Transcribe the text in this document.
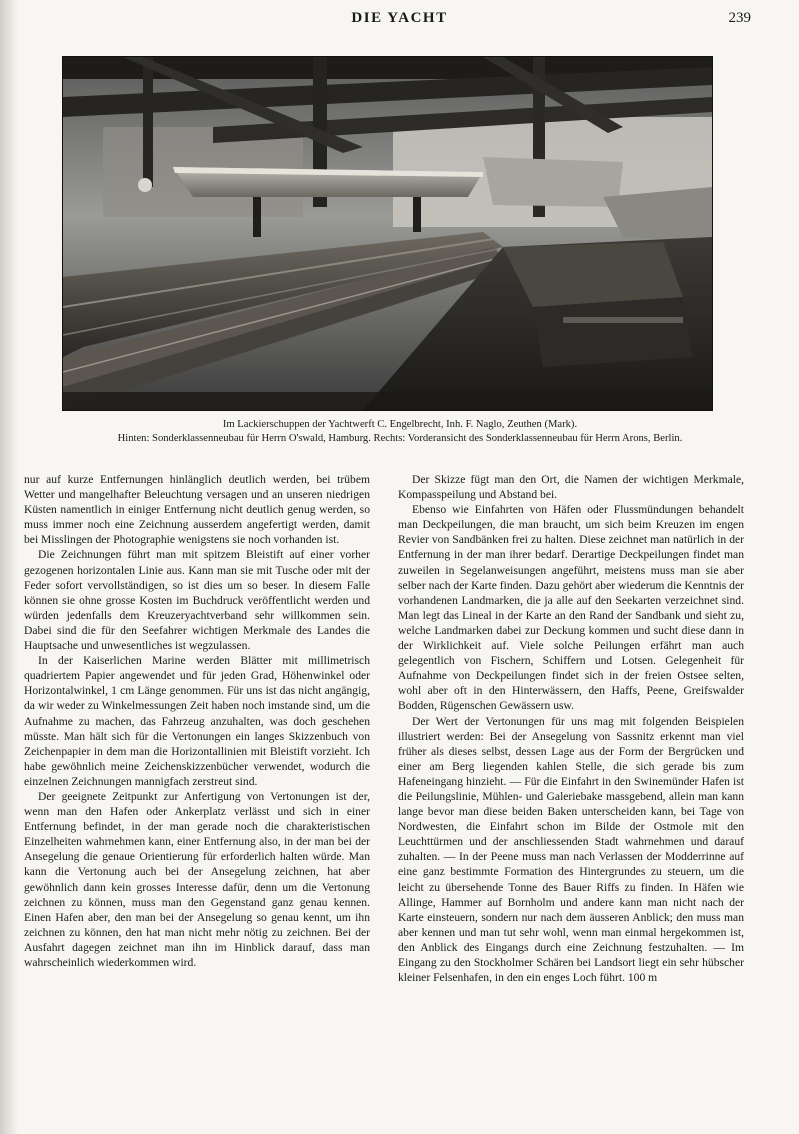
DIE YACHT	239
Im Lackierschuppen der Yachtwerft C. Engelbrecht, Inh. F. Naglo, Zeuthen (Mark).
Hinten: Sonderklassenneubau für Herrn O'swald, Hamburg. Rechts: Vorderansicht des Sonderklassenneubau für Herrn Arons, Berlin.

nur auf kurze Entfernungen hinlänglich deutlich werden, bei trübem Wetter und mangelhafter Beleuchtung versagen und an unseren niedrigen Küsten namentlich in einiger Entfernung nicht deutlich genug werden, so muss immer noch eine Zeichnung ausserdem angefertigt werden, damit bei Misslingen der Photographie wenigstens sie noch vorhanden ist.

Die Zeichnungen führt man mit spitzem Bleistift auf einer vorher gezogenen horizontalen Linie aus. Kann man sie mit Tusche oder mit der Feder sofort vervollständigen, so ist dies um so beser. In diesem Falle können sie ohne grosse Kosten im Buchdruck veröffentlicht werden und würden jedenfalls dem Kreuzeryachtverband sehr willkommen sein. Dabei sind die für den Seefahrer wichtigen Merkmale des Landes die Hauptsache und unwesentliches ist wegzulassen.

In der Kaiserlichen Marine werden Blätter mit millimetrisch quadriertem Papier angewendet und für jeden Grad, Höhenwinkel oder Horizontalwinkel, 1 cm Länge genommen. Für uns ist das nicht angängig, da wir weder zu Winkelmessungen Zeit haben noch imstande sind, um die Aufnahme zu machen, das Fahrzeug anzuhalten, was doch geschehen müsste. Man hält sich für die Vertonungen ein langes Skizzenbuch von Zeichenpapier in dem man die Horizontallinien mit Bleistift vorzieht. Ich habe gewöhnlich meine Zeichenskizzenbücher verwendet, wodurch die einzelnen Zeichnungen mannigfach zerstreut sind.

Der geeignete Zeitpunkt zur Anfertigung von Vertonungen ist der, wenn man den Hafen oder Ankerplatz verlässt und sich in einer Entfernung befindet, in der man gerade noch die charakteristischen Einzelheiten wahrnehmen kann, einer Entfernung also, in der man bei der Ansegelung die genaue Orientierung für erforderlich halten würde. Man kann die Vertonung auch bei der Ansegelung zeichnen, hat aber gewöhnlich dann kein grosses Interesse dafür, denn um die Vertonung zeichnen zu können, muss man den Gegenstand ganz genau kennen. Einen Hafen aber, den man bei der Ansegelung so genau kennt, um ihn zeichnen zu können, den hat man nicht mehr nötig zu zeichnen. Bei der Ausfahrt dagegen zeichnet man ihn im Hinblick darauf, dass man wahrscheinlich wiederkommen wird.

Der Skizze fügt man den Ort, die Namen der wichtigen Merkmale, Kompasspeilung und Abstand bei.

Ebenso wie Einfahrten von Häfen oder Flussmündungen behandelt man Deckpeilungen, die man braucht, um sich beim Kreuzen im engen Revier von Sandbänken frei zu halten. Diese zeichnet man natürlich in der Entfernung in der man ihrer bedarf. Derartige Deckpeilungen findet man zuweilen in Segelanweisungen angeführt, meistens muss man sie aber selber nach der Karte finden. Dazu gehört aber wiederum die Kenntnis der vorhandenen Landmarken, die ja alle auf den Seekarten verzeichnet sind. Man legt das Lineal in der Karte an den Rand der Sandbank und sieht zu, welche Landmarken dabei zur Deckung kommen und sucht diese dann in der Wirklichkeit auf. Viele solche Peilungen erfährt man auch gelegentlich von Fischern, Schiffern und Lotsen. Gelegenheit für Aufnahme von Deckpeilungen findet sich in der freien Ostsee selten, wohl aber oft in den Hinterwässern, den Haffs, Peene, Greifswalder Bodden, Rügenschen Gewässern usw.

Der Wert der Vertonungen für uns mag mit folgenden Beispielen illustriert werden: Bei der Ansegelung von Sassnitz erkennt man viel früher als dieses selbst, dessen Lage aus der Form der Bergrücken und einer am Berg liegenden kahlen Stelle, die sich gerade bis zum Hafeneingang hinzieht. — Für die Einfahrt in den Swinemünder Hafen ist die Peilungslinie, Mühlen- und Galeriebake massgebend, allein man kann lange bevor man diese beiden Baken unterscheiden kann, bei Tage von Nordwesten, die Einfahrt schon im Bilde der Ostmole mit den Leuchttürmen und der anschliessenden Stadt wahrnehmen und darauf zuhalten. — In der Peene muss man nach Verlassen der Modderrinne auf eine ganz bestimmte Formation des Hintergrundes zu steuern, um die leicht zu übersehende Tonne des Bauer Riffs zu finden. In Häfen wie Allinge, Hammer auf Bornholm und andere kann man nicht nach der Karte einsteuern, sondern nur nach dem äusseren Anblick; den muss man aber kennen und man tut sehr wohl, wenn man einmal hergekommen ist, den Anblick des Eingangs durch eine Zeichnung festzuhalten. — Im Eingang zu den Stockholmer Schären bei Landsort liegt ein sehr hübscher kleiner Felsenhafen, in den ein enges Loch führt. 100 m
